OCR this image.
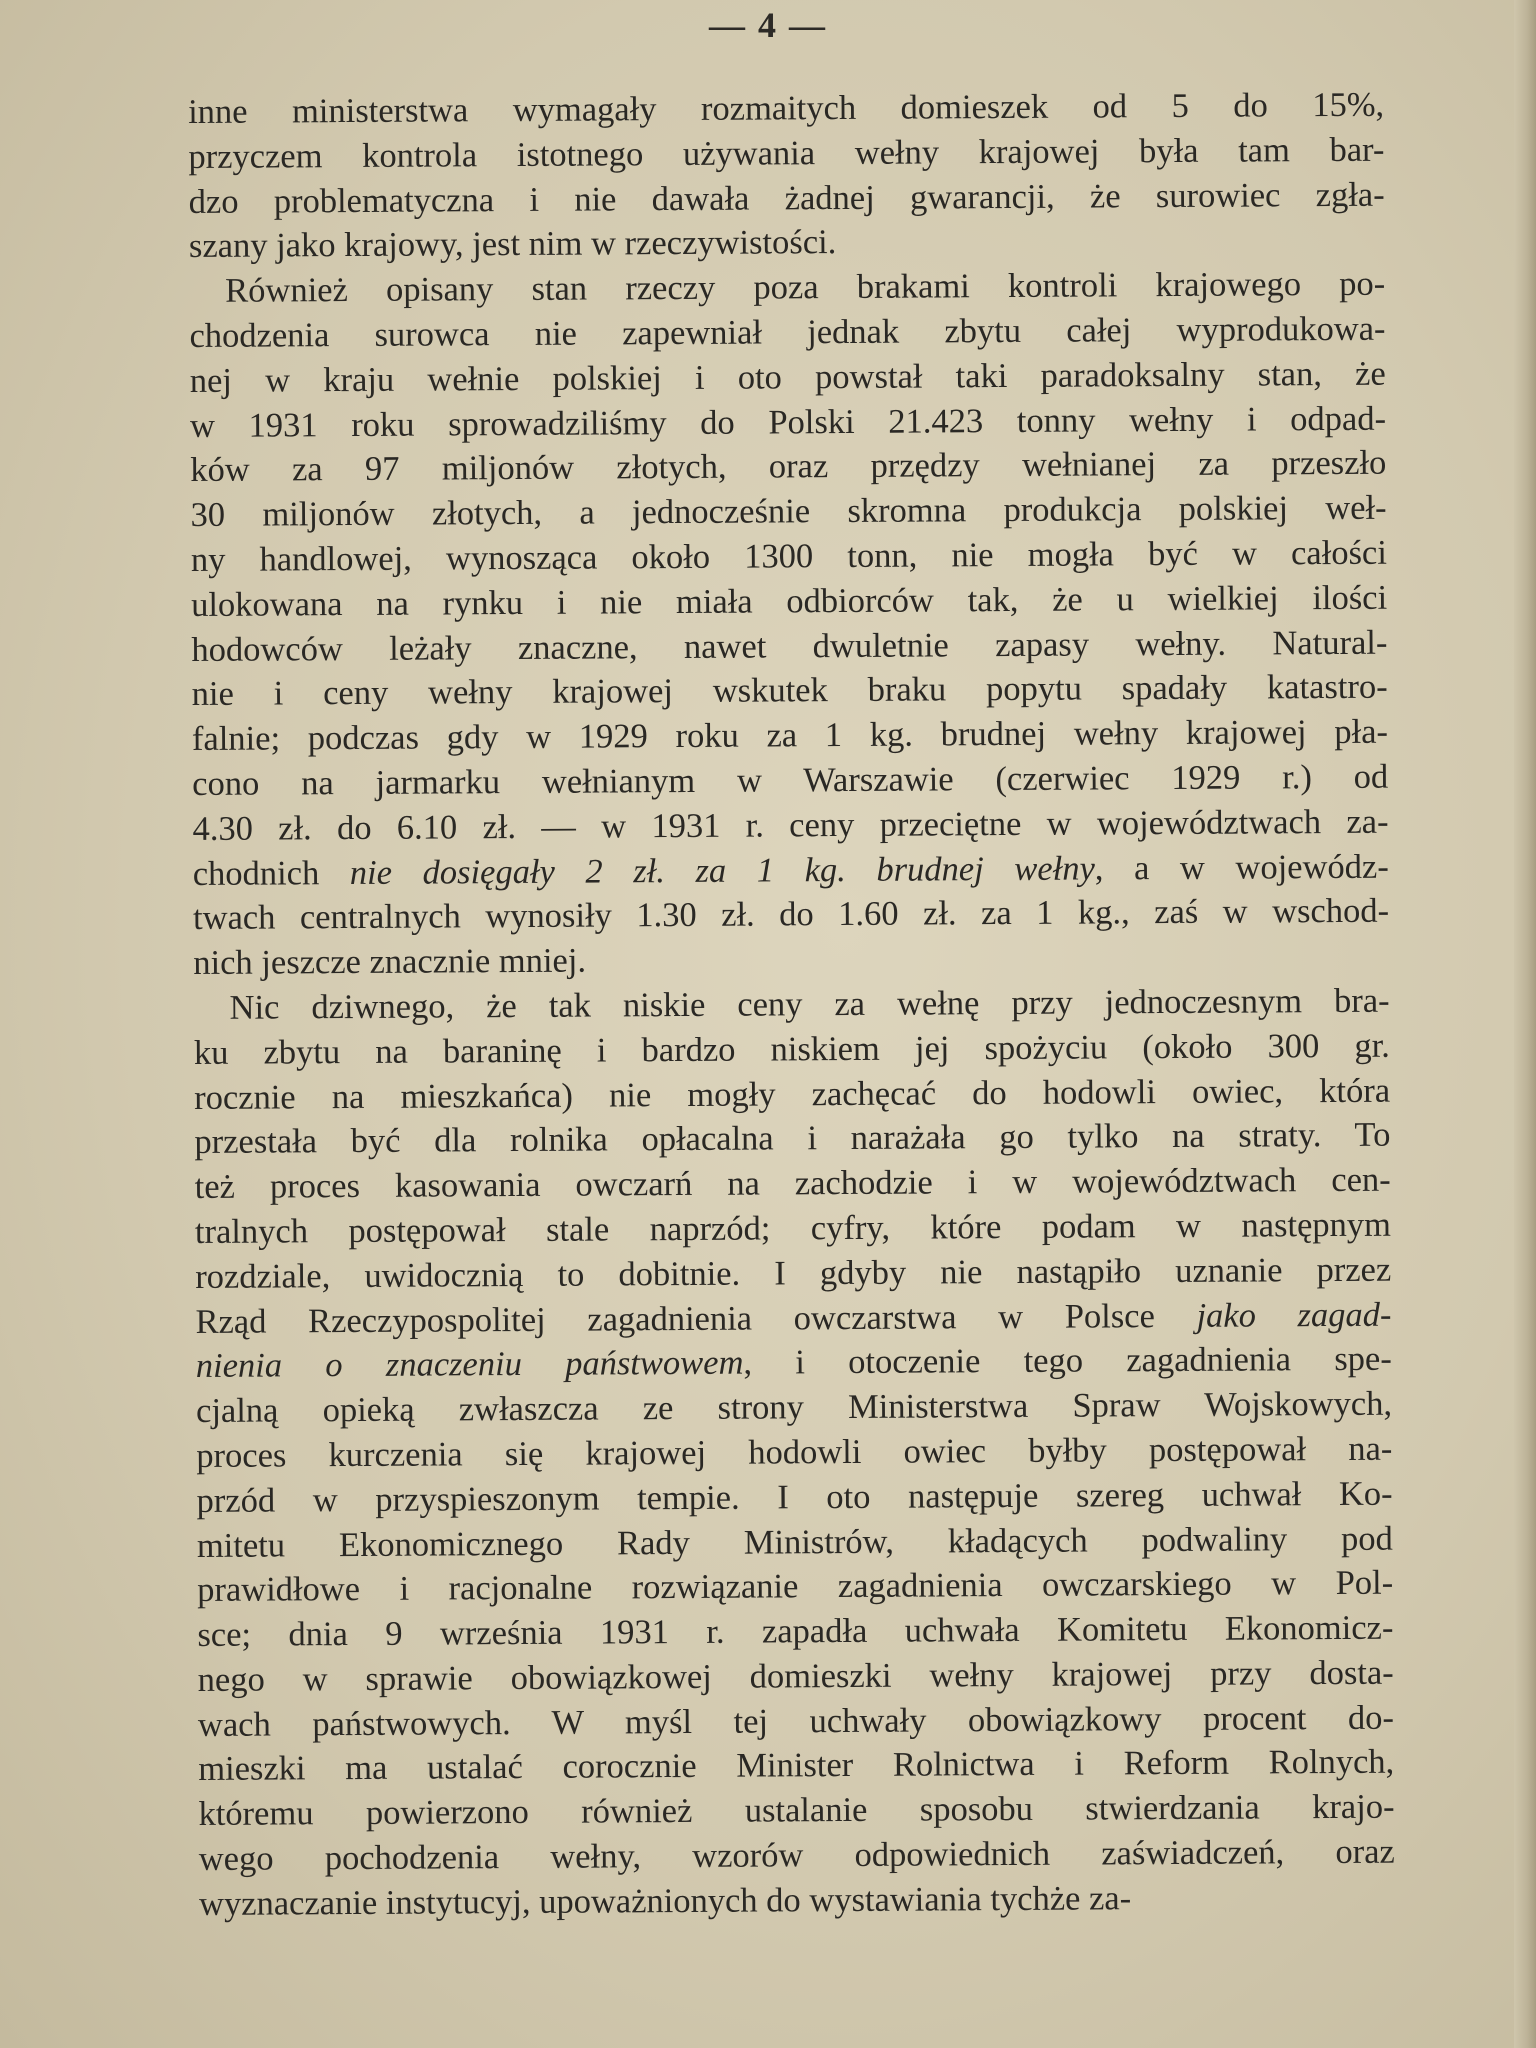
— 4 —
inne ministerstwa wymagały rozmaitych domieszek od 5 do 15%,
przyczem kontrola istotnego używania wełny krajowej była tam bar-
dzo problematyczna i nie dawała żadnej gwarancji, że surowiec zgła-
szany jako krajowy, jest nim w rzeczywistości.
Również opisany stan rzeczy poza brakami kontroli krajowego po-
chodzenia surowca nie zapewniał jednak zbytu całej wyprodukowa-
nej w kraju wełnie polskiej i oto powstał taki paradoksalny stan, że
w 1931 roku sprowadziliśmy do Polski 21.423 tonny wełny i odpad-
ków za 97 miljonów złotych, oraz przędzy wełnianej za przeszło
30 miljonów złotych, a jednocześnie skromna produkcja polskiej weł-
ny handlowej, wynosząca około 1300 tonn, nie mogła być w całości
ulokowana na rynku i nie miała odbiorców tak, że u wielkiej ilości
hodowców leżały znaczne, nawet dwuletnie zapasy wełny. Natural-
nie i ceny wełny krajowej wskutek braku popytu spadały katastro-
falnie; podczas gdy w 1929 roku za 1 kg. brudnej wełny krajowej pła-
cono na jarmarku wełnianym w Warszawie (czerwiec 1929 r.) od
4.30 zł. do 6.10 zł. — w 1931 r. ceny przeciętne w województwach za-
chodnich nie dosięgały 2 zł. za 1 kg. brudnej wełny, a w wojewódz-
twach centralnych wynosiły 1.30 zł. do 1.60 zł. za 1 kg., zaś w wschod-
nich jeszcze znacznie mniej.
Nic dziwnego, że tak niskie ceny za wełnę przy jednoczesnym bra-
ku zbytu na baraninę i bardzo niskiem jej spożyciu (około 300 gr.
rocznie na mieszkańca) nie mogły zachęcać do hodowli owiec, która
przestała być dla rolnika opłacalna i narażała go tylko na straty. To
też proces kasowania owczarń na zachodzie i w województwach cen-
tralnych postępował stale naprzód; cyfry, które podam w następnym
rozdziale, uwidocznią to dobitnie. I gdyby nie nastąpiło uznanie przez
Rząd Rzeczypospolitej zagadnienia owczarstwa w Polsce jako zagad-
nienia o znaczeniu państwowem, i otoczenie tego zagadnienia spe-
cjalną opieką zwłaszcza ze strony Ministerstwa Spraw Wojskowych,
proces kurczenia się krajowej hodowli owiec byłby postępował na-
przód w przyspieszonym tempie. I oto następuje szereg uchwał Ko-
mitetu Ekonomicznego Rady Ministrów, kładących podwaliny pod
prawidłowe i racjonalne rozwiązanie zagadnienia owczarskiego w Pol-
sce; dnia 9 września 1931 r. zapadła uchwała Komitetu Ekonomicz-
nego w sprawie obowiązkowej domieszki wełny krajowej przy dosta-
wach państwowych. W myśl tej uchwały obowiązkowy procent do-
mieszki ma ustalać corocznie Minister Rolnictwa i Reform Rolnych,
któremu powierzono również ustalanie sposobu stwierdzania krajo-
wego pochodzenia wełny, wzorów odpowiednich zaświadczeń, oraz
wyznaczanie instytucyj, upoważnionych do wystawiania tychże za-
